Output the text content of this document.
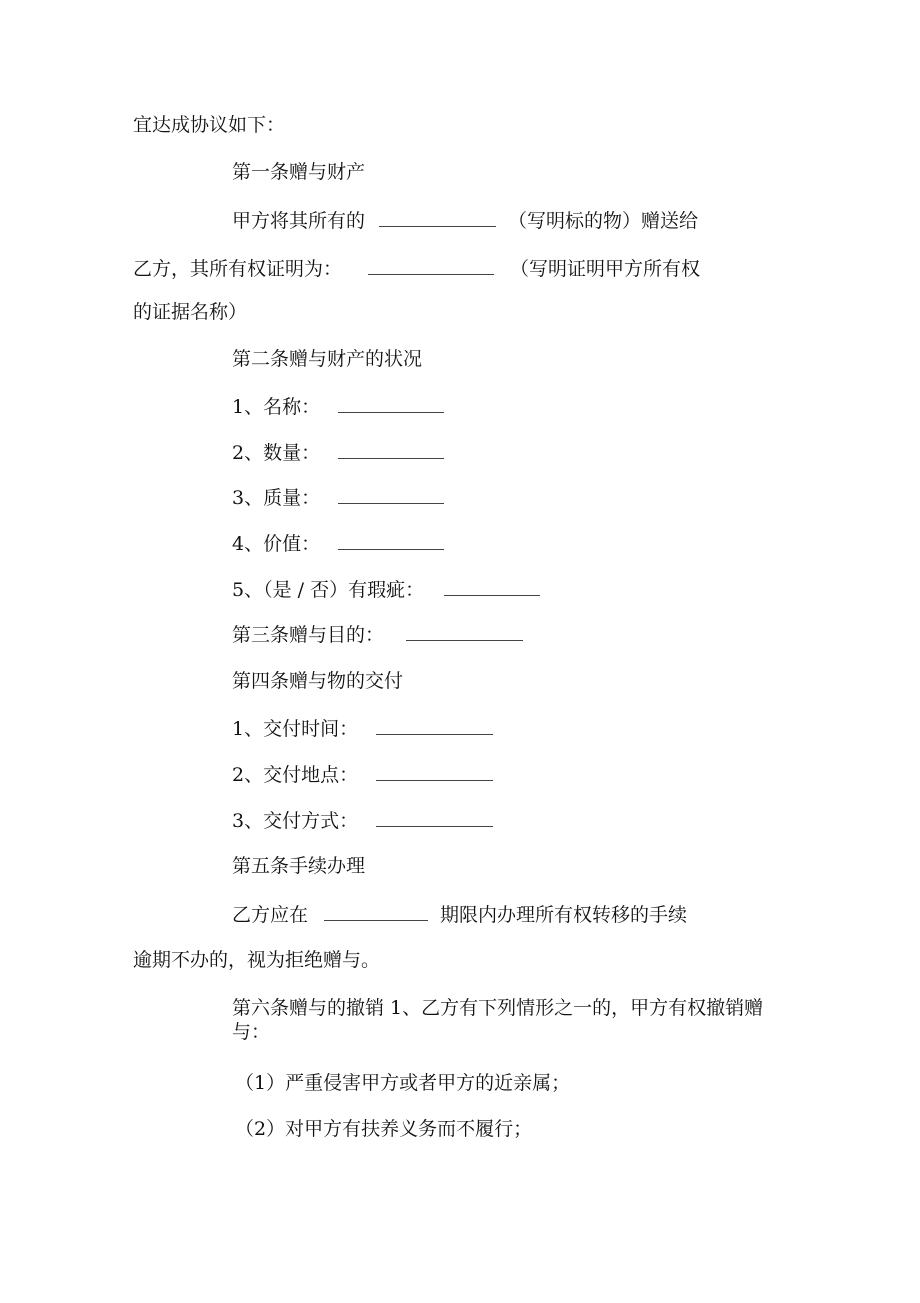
宜达成协议如下：
第一条赠与财产
甲方将其所有的	（写明标的物）赠送给
乙方，其所有权证明为：	（写明证明甲方所有权
的证据名称）
第二条赠与财产的状况
1、名称：
2、数量：
3、质量：
4、价值：
5、（是 / 否）有瑕疵：
第三条赠与目的：
第四条赠与物的交付
1、交付时间：
2、交付地点：
3、交付方式：
第五条手续办理
乙方应在	期限内办理所有权转移的手续
逾期不办的，视为拒绝赠与。
第六条赠与的撤销 1、乙方有下列情形之一的，甲方有权撤销赠与：
（1）严重侵害甲方或者甲方的近亲属；
（2）对甲方有扶养义务而不履行；
